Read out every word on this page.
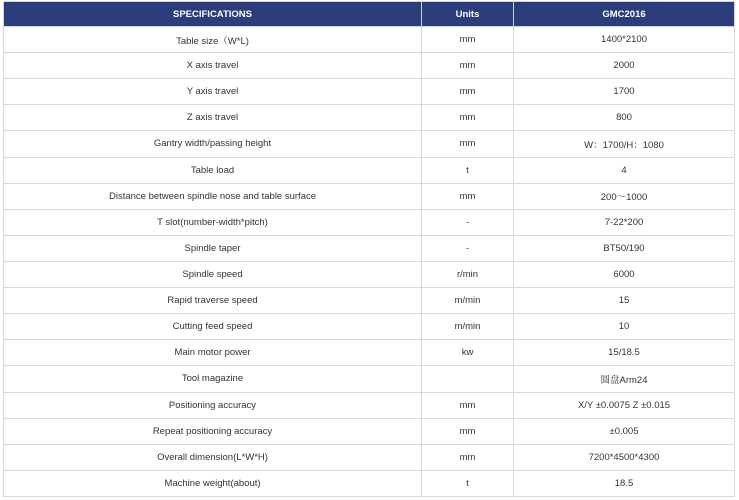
SPECIFICATIONS	Units	GMC2016
Table size（W*L)	mm	1400*2100
X axis travel	mm	2000
Y axis travel	mm	1700
Z axis travel	mm	800
Gantry width/passing height	mm	W：1700/H：1080
Table load	t	4
Distance between spindle nose and table surface	mm	200～1000
T slot(number-width*pitch)	-	7-22*200
Spindle taper	-	BT50/190
Spindle speed	r/min	6000
Rapid traverse speed	m/min	15
Cutting feed speed	m/min	10
Main motor power	kw	15/18.5
Tool magazine		圆盘Arm24
Positioning accuracy	mm	X/Y ±0.0075 Z ±0.015
Repeat positioning accuracy	mm	±0.005
Overall dimension(L*W*H)	mm	7200*4500*4300
Machine weight(about)	t	18.5
